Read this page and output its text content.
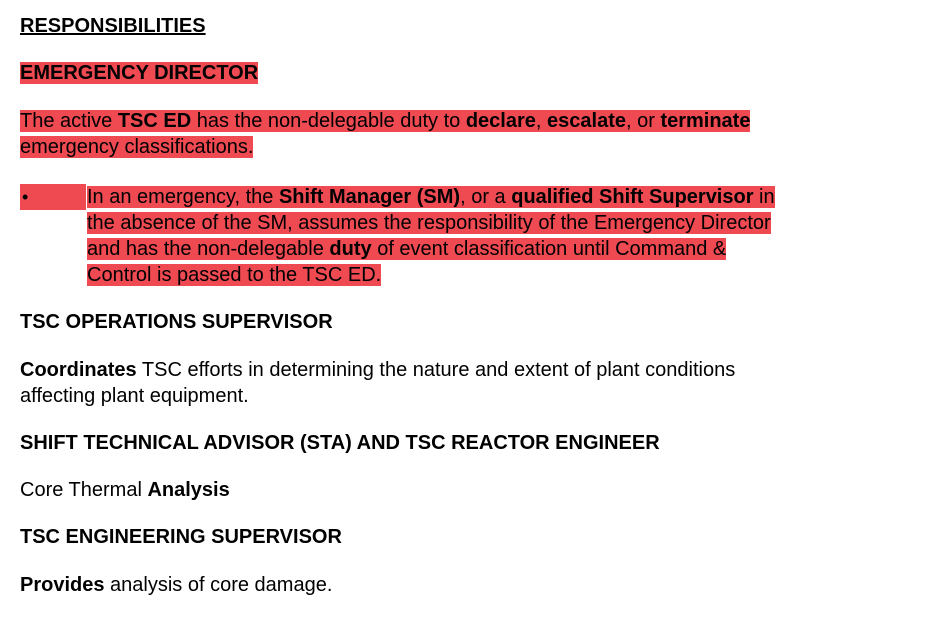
RESPONSIBILITIES
EMERGENCY DIRECTOR
The active TSC ED has the non-delegable duty to declare, escalate, or terminate
emergency classifications.
•	In an emergency, the Shift Manager (SM), or a qualified Shift Supervisor in
the absence of the SM, assumes the responsibility of the Emergency Director
and has the non-delegable duty of event classification until Command &
Control is passed to the TSC ED.
TSC OPERATIONS SUPERVISOR
Coordinates TSC efforts in determining the nature and extent of plant conditions
affecting plant equipment.
SHIFT TECHNICAL ADVISOR (STA) AND TSC REACTOR ENGINEER
Core Thermal Analysis
TSC ENGINEERING SUPERVISOR
Provides analysis of core damage.
